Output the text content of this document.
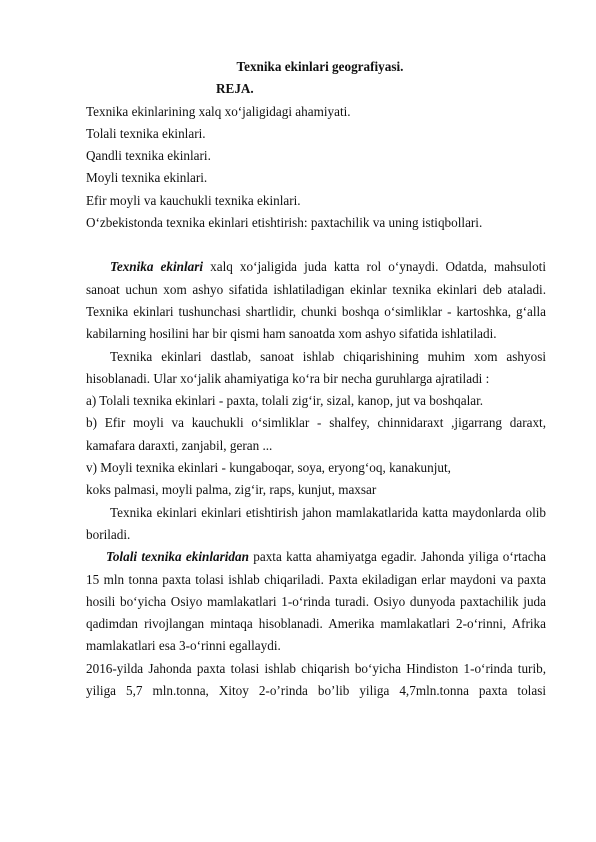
Texnika ekinlari geografiyasi.
REJA.
Texnika ekinlarining xalq xo‘jaligidagi ahamiyati.
Tolali texnika ekinlari.
Qandli texnika ekinlari.
Moyli texnika ekinlari.
Efir moyli va kauchukli texnika ekinlari.
O‘zbekistonda texnika ekinlari etishtirish: paxtachilik va uning istiqbollari.

Texnika ekinlari xalq xo‘jaligida juda katta rol o‘ynaydi. Odatda, mahsuloti sanoat uchun xom ashyo sifatida ishlatiladigan ekinlar texnika ekinlari deb ataladi. Texnika ekinlari tushunchasi shartlidir, chunki boshqa o‘simliklar - kartoshka, g‘alla kabilarning hosilini har bir qismi ham sanoatda xom ashyo sifatida ishlatiladi.

Texnika ekinlari dastlab, sanoat ishlab chiqarishining muhim xom ashyosi hisoblanadi. Ular xo‘jalik ahamiyatiga ko‘ra bir necha guruhlarga ajratiladi :

a) Tolali texnika ekinlari - paxta, tolali zig‘ir, sizal, kanop, jut va boshqalar.

b) Efir moyli va kauchukli o‘simliklar - shalfey, chinnidaraxt ,jigarrang daraxt, kamafara daraxti, zanjabil, geran ...

v) Moyli texnika ekinlari - kungaboqar, soya, eryong‘oq, kanakunjut,
koks palmasi, moyli palma, zig‘ir, raps, kunjut, maxsar

Texnika ekinlari ekinlari etishtirish jahon mamlakatlarida katta maydonlarda olib boriladi.

Tolali texnika ekinlaridan paxta katta ahamiyatga egadir. Jahonda yiliga o‘rtacha 15 mln tonna paxta tolasi ishlab chiqariladi. Paxta ekiladigan erlar maydoni va paxta hosili bo‘yicha Osiyo mamlakatlari 1-o‘rinda turadi. Osiyo dunyoda paxtachilik juda qadimdan rivojlangan mintaqa hisoblanadi. Amerika mamlakatlari 2-o‘rinni, Afrika mamlakatlari esa 3-o‘rinni egallaydi.

2016-yilda Jahonda paxta tolasi ishlab chiqarish bo‘yicha Hindiston 1-o‘rinda turib, yiliga 5,7 mln.tonna, Xitoy 2-o’rinda bo’lib yiliga 4,7mln.tonna paxta tolasi
